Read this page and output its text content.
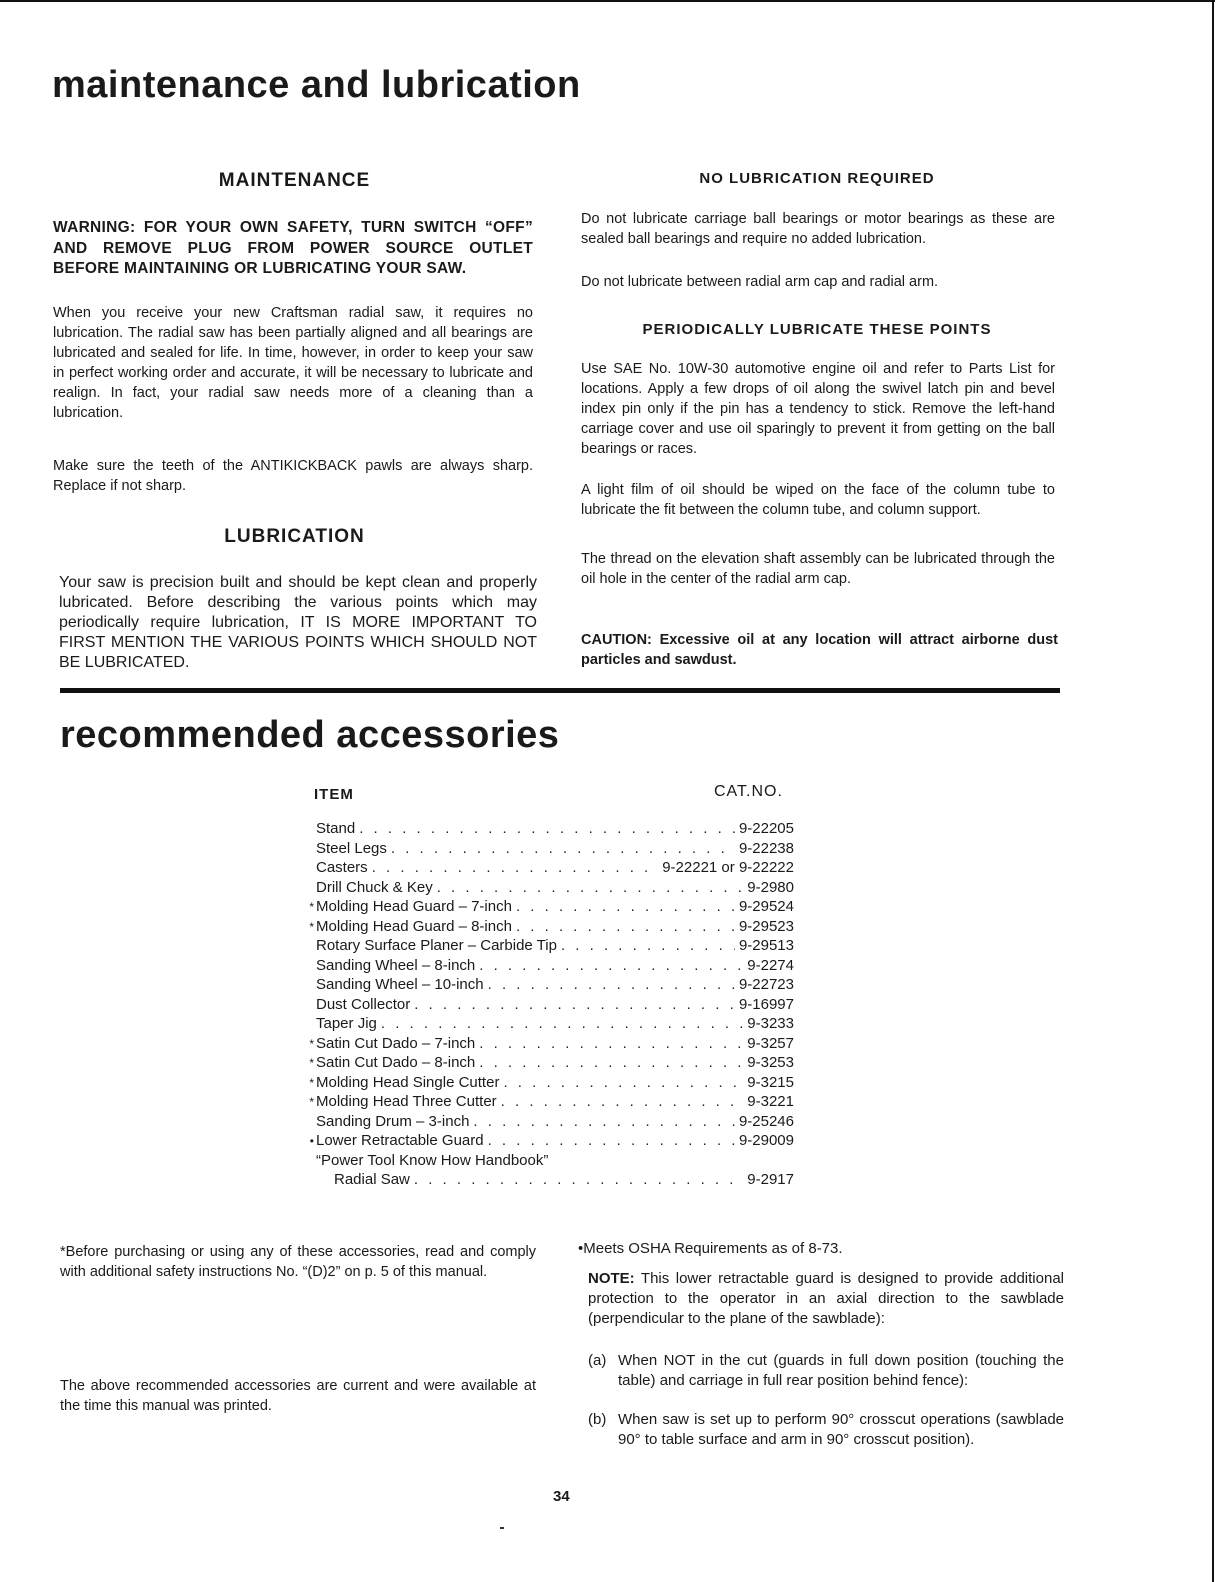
maintenance and lubrication
MAINTENANCE

WARNING: FOR YOUR OWN SAFETY, TURN SWITCH “OFF” AND REMOVE PLUG FROM POWER SOURCE OUTLET BEFORE MAINTAINING OR LUBRICATING YOUR SAW.

When you receive your new Craftsman radial saw, it requires no lubrication. The radial saw has been partially aligned and all bearings are lubricated and sealed for life. In time, however, in order to keep your saw in perfect working order and accurate, it will be necessary to lubricate and realign. In fact, your radial saw needs more of a cleaning than a lubrication.

Make sure the teeth of the ANTIKICKBACK pawls are always sharp. Replace if not sharp.

LUBRICATION

Your saw is precision built and should be kept clean and properly lubricated. Before describing the various points which may periodically require lubrication, IT IS MORE IMPORTANT TO FIRST MENTION THE VARIOUS POINTS WHICH SHOULD NOT BE LUBRICATED.

NO LUBRICATION REQUIRED

Do not lubricate carriage ball bearings or motor bearings as these are sealed ball bearings and require no added lubrication.

Do not lubricate between radial arm cap and radial arm.

PERIODICALLY LUBRICATE THESE POINTS

Use SAE No. 10W-30 automotive engine oil and refer to Parts List for locations. Apply a few drops of oil along the swivel latch pin and bevel index pin only if the pin has a tendency to stick. Remove the left-hand carriage cover and use oil sparingly to prevent it from getting on the ball bearings or races.

A light film of oil should be wiped on the face of the column tube to lubricate the fit between the column tube, and column support.

The thread on the elevation shaft assembly can be lubricated through the oil hole in the center of the radial arm cap.

CAUTION: Excessive oil at any location will attract airborne dust particles and sawdust.

recommended accessories
ITEM	CAT.NO.
Stand . . .	9-22205
Steel Legs . . .	9-22238
Casters . . .	9-22221 or 9-22222
Drill Chuck & Key . . .	9-2980
* Molding Head Guard – 7-inch . . .	9-29524
* Molding Head Guard – 8-inch . . .	9-29523
Rotary Surface Planer – Carbide Tip . . .	9-29513
Sanding Wheel – 8-inch . . .	9-2274
Sanding Wheel – 10-inch . . .	9-22723
Dust Collector . . .	9-16997
Taper Jig . . .	9-3233
* Satin Cut Dado – 7-inch . . .	9-3257
* Satin Cut Dado – 8-inch . . .	9-3253
* Molding Head Single Cutter . . .	9-3215
* Molding Head Three Cutter . . .	9-3221
Sanding Drum – 3-inch . . .	9-25246
• Lower Retractable Guard . . .	9-29009
“Power Tool Know How Handbook”
Radial Saw . . .	9-2917

*Before purchasing or using any of these accessories, read and comply with additional safety instructions No. “(D)2” on p. 5 of this manual.

The above recommended accessories are current and were available at the time this manual was printed.

•Meets OSHA Requirements as of 8-73.

NOTE: This lower retractable guard is designed to provide additional protection to the operator in an axial direction to the sawblade (perpendicular to the plane of the sawblade):

(a) When NOT in the cut (guards in full down position (touching the table) and carriage in full rear position behind fence):
(b) When saw is set up to perform 90° crosscut operations (sawblade 90° to table surface and arm in 90° crosscut position).
34
